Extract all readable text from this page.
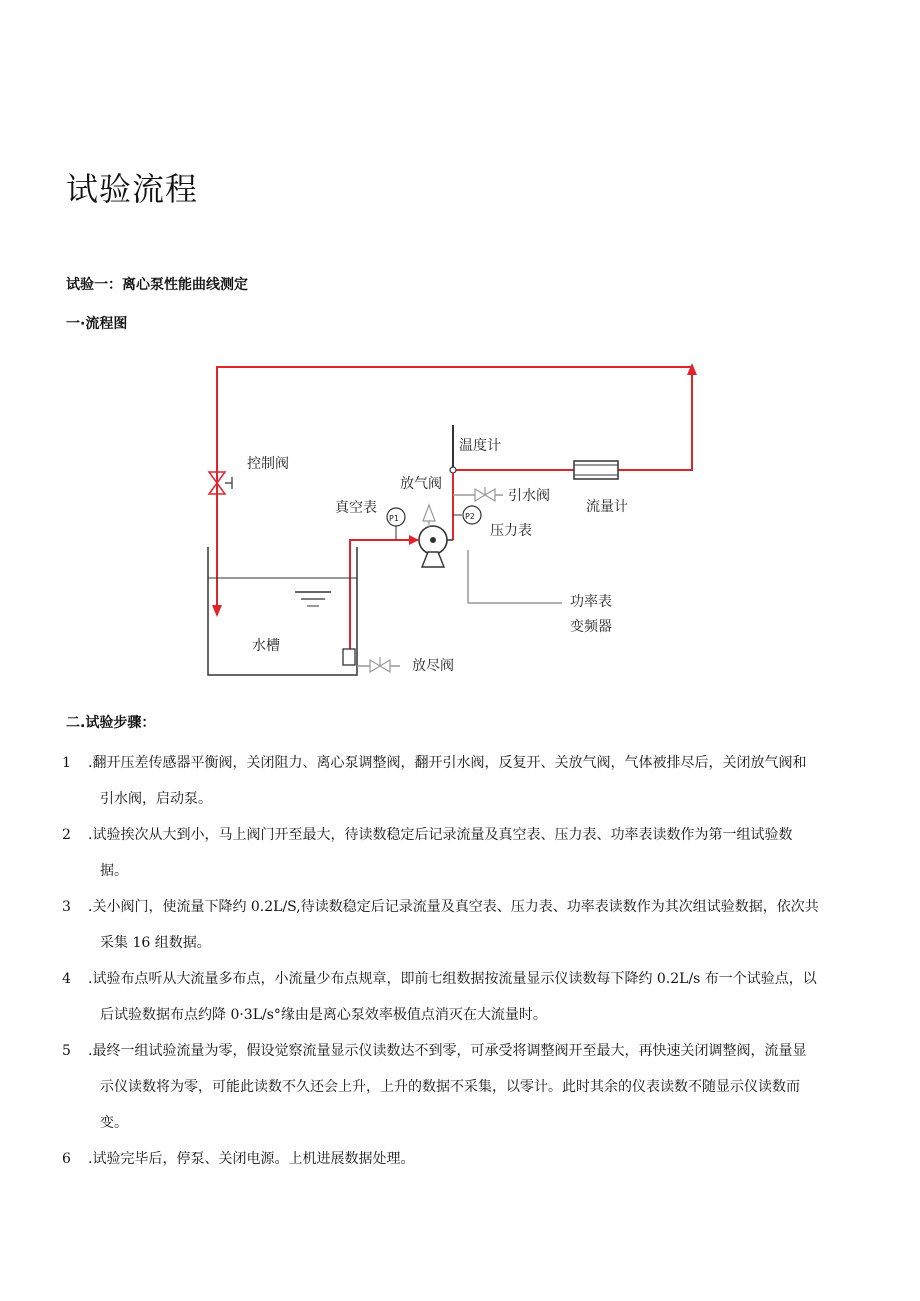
试验流程
试验一：离心泵性能曲线测定
一·流程图
P2
P1
控制阀
温度计
放气阀
真空表
引水阀
流量计
压力表
功率表
变频器
水槽
放尽阀
二.试验步骤：
1 .翻开压差传感器平衡阀，关闭阻力、离心泵调整阀，翻开引水阀，反复开、关放气阀，气体被排尽后，关闭放气阀和
引水阀，启动泵。
2 .试验挨次从大到小，马上阀门开至最大，待读数稳定后记录流量及真空表、压力表、功率表读数作为第一组试验数
据。
3 .关小阀门，使流量下降约 0.2L/S,待读数稳定后记录流量及真空表、压力表、功率表读数作为其次组试验数据，依次共
采集 16 组数据。
4 .试验布点听从大流量多布点，小流量少布点规章，即前七组数据按流量显示仪读数每下降约 0.2L/s 布一个试验点，以
后试验数据布点约降 0·3L/s°缘由是离心泵效率极值点消灭在大流量时。
5 .最终一组试验流量为零，假设觉察流量显示仪读数达不到零，可承受将调整阀开至最大，再快速关闭调整阀，流量显
示仪读数将为零，可能此读数不久还会上升，上升的数据不采集，以零计。此时其余的仪表读数不随显示仪读数而
变。
6 .试验完毕后，停泵、关闭电源。上机进展数据处理。
